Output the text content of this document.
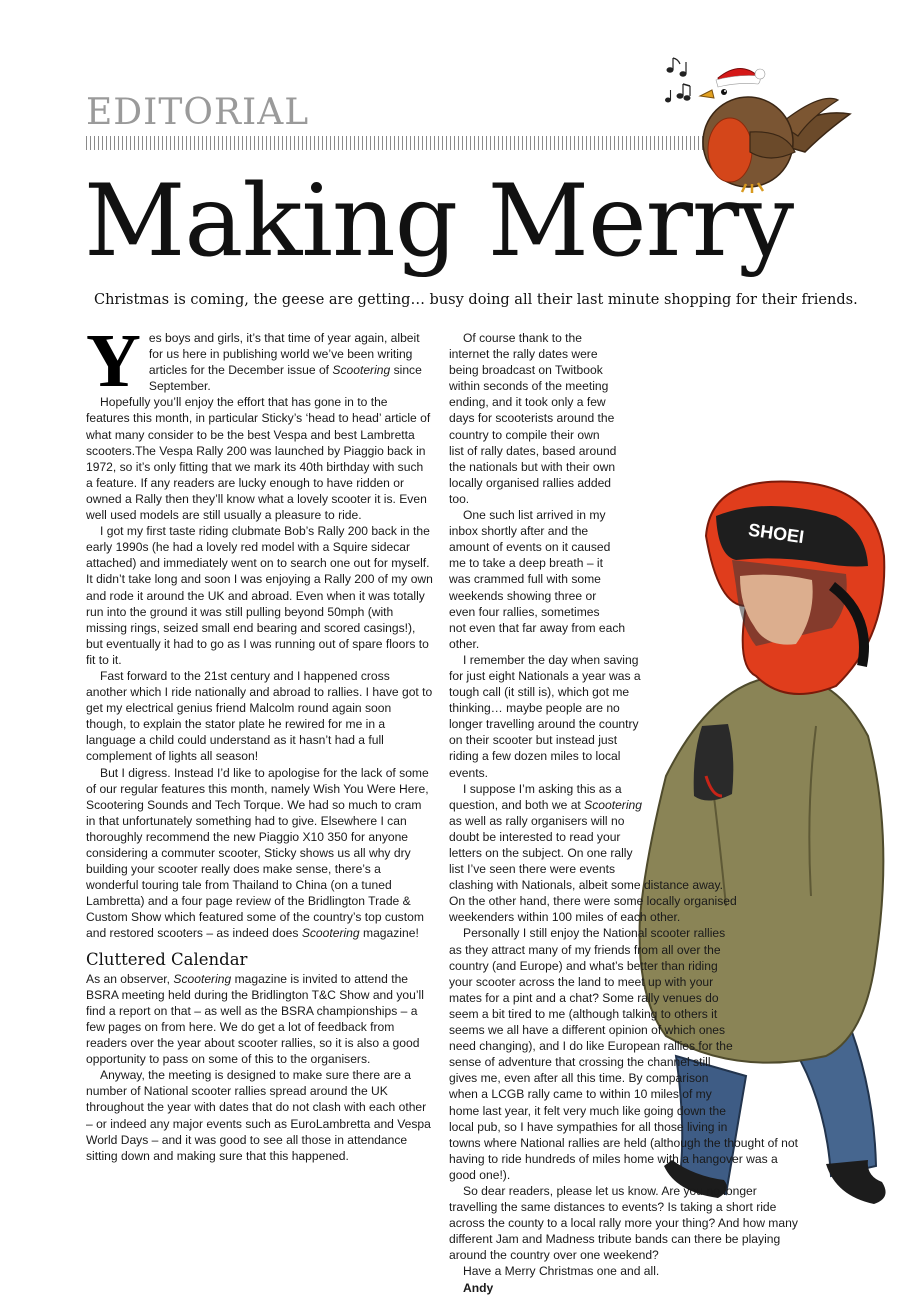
EDITORIAL
Making Merry

Christmas is coming, the geese are getting… busy doing all their last minute shopping for their friends.

SHOEI

Yes boys and girls, it’s that time of year again, albeit for us here in publishing world we’ve been writing articles for the December issue of Scootering since September.

Hopefully you’ll enjoy the effort that has gone in to the features this month, in particular Sticky’s ‘head to head’ article of what many consider to be the best Vespa and best Lambretta scooters.The Vespa Rally 200 was launched by Piaggio back in 1972, so it’s only fitting that we mark its 40th birthday with such a feature. If any readers are lucky enough to have ridden or owned a Rally then they’ll know what a lovely scooter it is. Even well used models are still usually a pleasure to ride.

I got my first taste riding clubmate Bob’s Rally 200 back in the early 1990s (he had a lovely red model with a Squire sidecar attached) and immediately went on to search one out for myself. It didn’t take long and soon I was enjoying a Rally 200 of my own and rode it around the UK and abroad. Even when it was totally run into the ground it was still pulling beyond 50mph (with missing rings, seized small end bearing and scored casings!), but eventually it had to go as I was running out of spare floors to fit to it.

Fast forward to the 21st century and I happened cross another which I ride nationally and abroad to rallies. I have got to get my electrical genius friend Malcolm round again soon though, to explain the stator plate he rewired for me in a language a child could understand as it hasn’t had a full complement of lights all season!

But I digress. Instead I’d like to apologise for the lack of some of our regular features this month, namely Wish You Were Here, Scootering Sounds and Tech Torque. We had so much to cram in that unfortunately something had to give. Elsewhere I can thoroughly recommend the new Piaggio X10 350 for anyone considering a commuter scooter, Sticky shows us all why dry building your scooter really does make sense, there’s a wonderful touring tale from Thailand to China (on a tuned Lambretta) and a four page review of the Bridlington Trade & Custom Show which featured some of the country’s top custom and restored scooters – as indeed does Scootering magazine!

Cluttered Calendar

As an observer, Scootering magazine is invited to attend the BSRA meeting held during the Bridlington T&C Show and you’ll find a report on that – as well as the BSRA championships – a few pages on from here. We do get a lot of feedback from readers over the year about scooter rallies, so it is also a good opportunity to pass on some of this to the organisers.

Anyway, the meeting is designed to make sure there are a number of National scooter rallies spread around the UK throughout the year with dates that do not clash with each other – or indeed any major events such as EuroLambretta and Vespa World Days – and it was good to see all those in attendance sitting down and making sure that this happened.

Of course thank to the internet the rally dates were being broadcast on Twitbook within seconds of the meeting ending, and it took only a few days for scooterists around the country to compile their own list of rally dates, based around the nationals but with their own locally organised rallies added too.

One such list arrived in my inbox shortly after and the amount of events on it caused me to take a deep breath – it was crammed full with some weekends showing three or even four rallies, sometimes not even that far away from each other.

I remember the day when saving for just eight Nationals a year was a tough call (it still is), which got me thinking… maybe people are no longer travelling around the country on their scooter but instead just riding a few dozen miles to local events.

I suppose I’m asking this as a question, and both we at Scootering as well as rally organisers will no doubt be interested to read your letters on the subject. On one rally list I’ve seen there were events clashing with Nationals, albeit some distance away. On the other hand, there were some locally organised weekenders within 100 miles of each other.

Personally I still enjoy the National scooter rallies as they attract many of my friends from all over the country (and Europe) and what’s better than riding your scooter across the land to meet up with your mates for a pint and a chat? Some rally venues do seem a bit tired to me (although talking to others it seems we all have a different opinion of which ones need changing), and I do like European rallies for the sense of adventure that crossing the channel still gives me, even after all this time. By comparison when a LCGB rally came to within 10 miles of my home last year, it felt very much like going down the local pub, so I have sympathies for all those living in towns where National rallies are held (although the thought of not having to ride hundreds of miles home with a hangover was a good one!).

So dear readers, please let us know. Are you no longer travelling the same distances to events? Is taking a short ride across the county to a local rally more your thing? And how many different Jam and Madness tribute bands can there be playing around the country over one weekend?

Have a Merry Christmas one and all.

Andy
